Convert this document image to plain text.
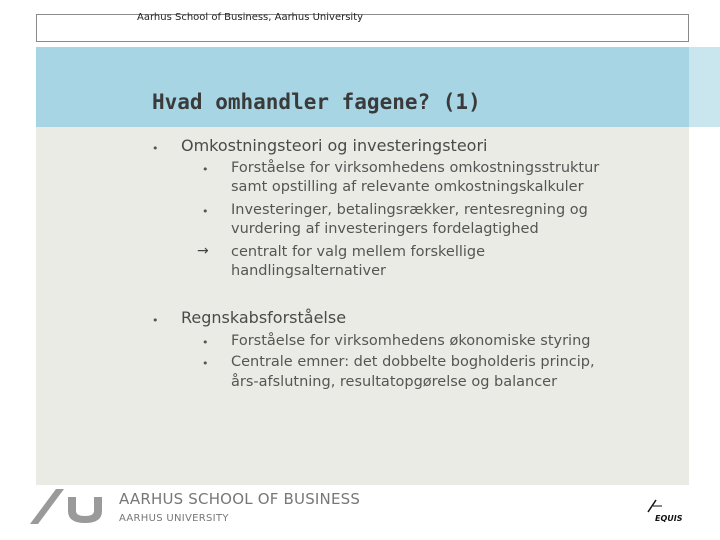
Aarhus School of Business, Aarhus University
Hvad omhandler fagene? (1)
• Omkostningsteori og investeringsteori
• Forståelse for virksomhedens omkostningsstruktur
samt opstilling af relevante omkostningskalkuler
• Investeringer, betalingsrækker, rentesregning og
vurdering af investeringers fordelagtighed
→ centralt for valg mellem forskellige
handlingsalternativer
• Regnskabsforståelse
• Forståelse for virksomhedens økonomiske styring
• Centrale emner: det dobbelte bogholderis princip,
års-afslutning, resultatopgørelse og balancer
AARHUS SCHOOL OF BUSINESS
AARHUS UNIVERSITY	EQUIS
